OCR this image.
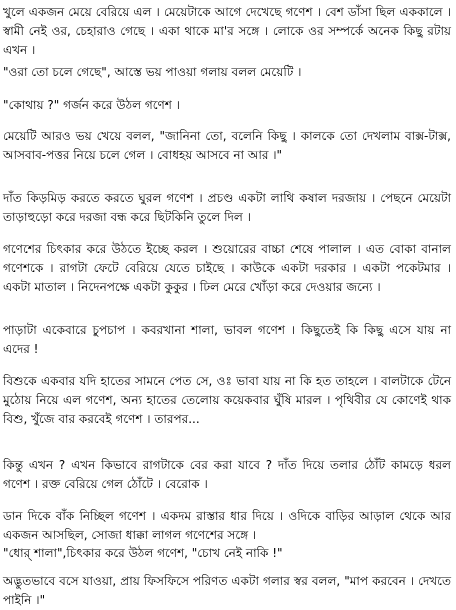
খুলে একজন মেয়ে বেরিয়ে এল । মেয়েটাকে আগে দেখেছে গণেশ । বেশ ডাঁসা ছিল এককালে । স্বামী নেই ওর, চেহারাও গেছে । একা থাকে মা'র সঙ্গে । লোকে ওর সম্পর্কে অনেক কিছু রটায় এখন ।

"ওরা তো চলে গেছে", আস্তে ভয় পাওয়া গলায় বলল মেয়েটি ।

"কোথায় ?" গর্জন করে উঠল গণেশ ।

মেয়েটি আরও ভয় খেয়ে বলল, "জানিনা তো, বলেনি কিছু । কালকে তো দেখলাম বাক্স-টাক্স, আসবাব-পত্তর নিয়ে চলে গেল । বোধহয় আসবে না আর ।"

দাঁত কিড়মিড় করতে করতে ঘুরল গণেশ । প্রচণ্ড একটা লাথি কষাল দরজায় । পেছনে মেয়েটা তাড়াহুড়ো করে দরজা বন্ধ করে ছিটকিনি তুলে দিল ।

গণেশের চিৎকার করে উঠতে ইচ্ছে করল । শুয়োরের বাচ্চা শেষে পালাল । এত বোকা বানাল গণেশকে । রাগটা ফেটে বেরিয়ে যেতে চাইছে । কাউকে একটা দরকার । একটা পকেটমার । একটা মাতাল । নিদেনপক্ষে একটা কুকুর । ঢিল মেরে খোঁড়া করে দেওয়ার জন্যে ।

পাড়াটা একেবারে চুপচাপ । কবরখানা শালা, ভাবল গণেশ । কিছুতেই কি কিছু এসে যায় না এদের !

বিশুকে একবার যদি হাতের সামনে পেত সে, ওঃ ভাবা যায় না কি হত তাহলে । বালটাকে টেনে মুঠোয় নিয়ে এল গণেশ, অন্য হাতের তেলোয় কয়েকবার ঘুঁষি মারল । পৃথিবীর যে কোণেই থাক বিশু, খুঁজে বার করবেই গণেশ । তারপর...

কিন্তু এখন ? এখন কিভাবে রাগটাকে বের করা যাবে ? দাঁত দিয়ে তলার ঠোঁট কামড়ে ধরল গণেশ । রক্ত বেরিয়ে গেল ঠোঁটে । বেরোক ।

ডান দিকে বাঁক নিচ্ছিল গণেশ । একদম রাস্তার ধার দিয়ে । ওদিকে বাড়ির আড়াল থেকে আর একজন আসছিল, সোজা ধাক্কা লাগল গণেশের সঙ্গে ।

"ধোর্ শালা",চিৎকার করে উঠল গণেশ, "চোখ নেই নাকি !"

অদ্ভুতভাবে বসে যাওয়া, প্রায় ফিসফিসে পরিণত একটা গলার স্বর বলল, "মাপ করবেন । দেখতে পাইনি ।"
